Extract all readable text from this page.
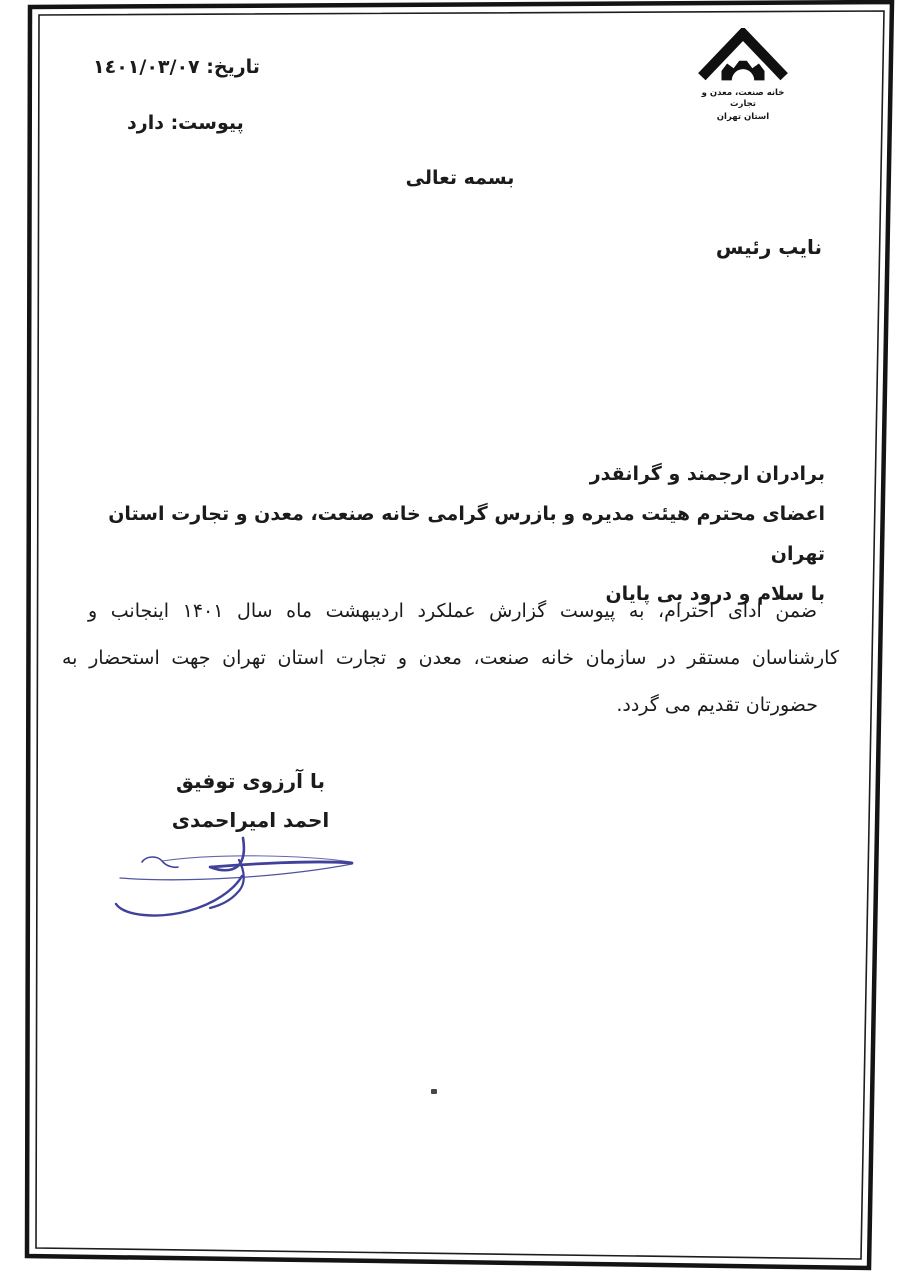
تاریخ: ١٤٠١/٠٣/٠٧
پیوست: دارد
خانه صنعت، معدن و تجارت
استان تهران
بسمه تعالی
نایب رئیس
برادران ارجمند و گرانقدر
اعضای محترم هیئت مدیره و بازرس گرامی خانه صنعت، معدن و تجارت استان تهران
با سلام و درود بی پایان
ضمن ادای احترام، به پیوست گزارش عملکرد اردیبهشت ماه سال ۱۴۰۱ اینجانب و
کارشناسان مستقر در سازمان خانه صنعت، معدن و تجارت استان تهران جهت استحضار به
حضورتان تقدیم می گردد.
با آرزوی توفیق
احمد امیراحمدی
